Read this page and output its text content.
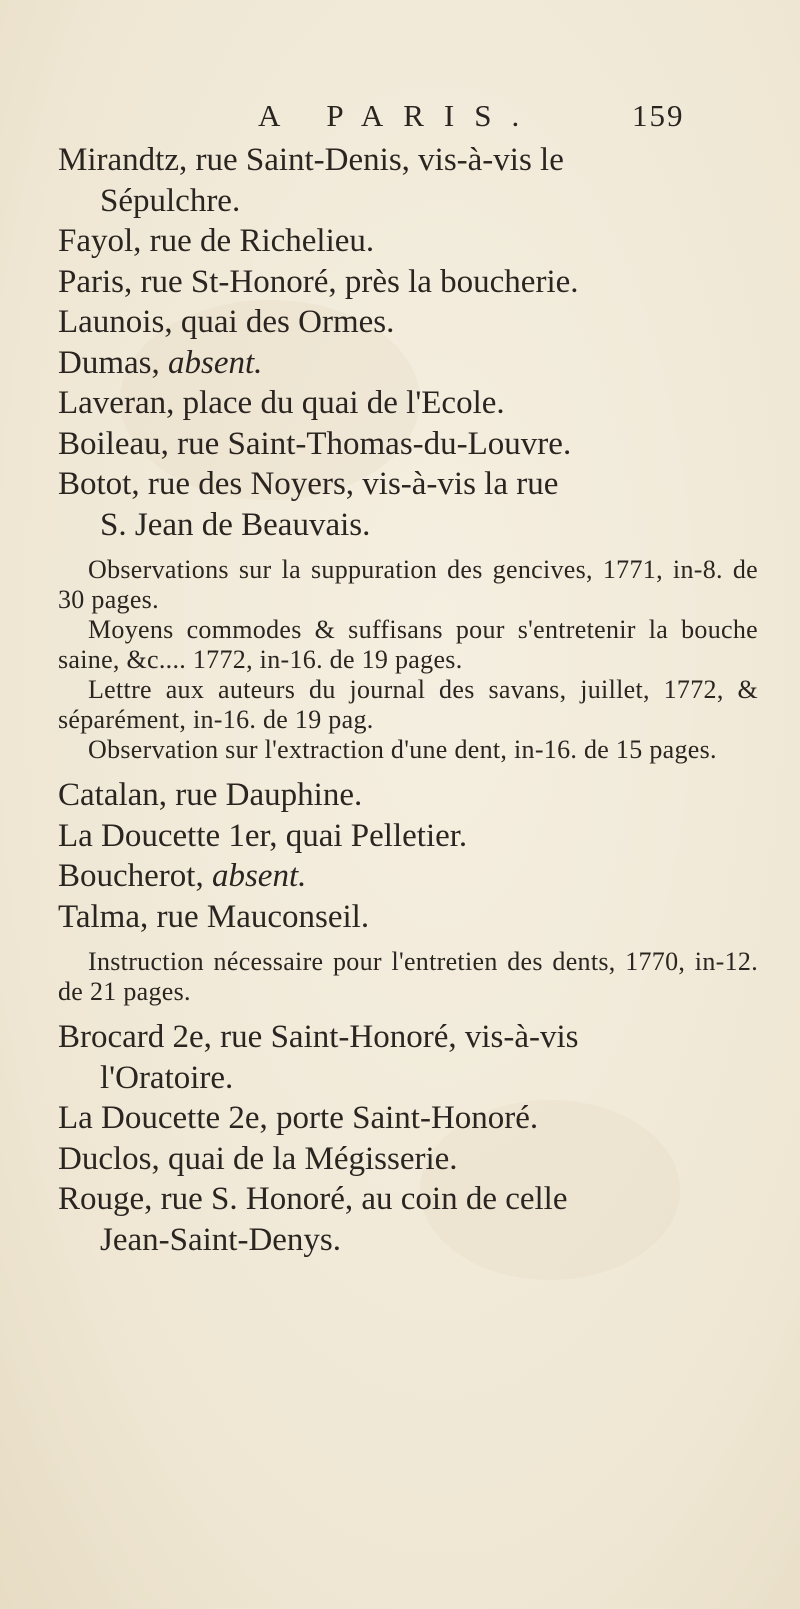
A PARIS.	159

Mirandtz, rue Saint-Denis, vis-à-vis le
Sépulchre.

Fayol, rue de Richelieu.

Paris, rue St-Honoré, près la boucherie.

Launois, quai des Ormes.

Dumas, absent.

Laveran, place du quai de l'Ecole.

Boileau, rue Saint-Thomas-du-Louvre.

Botot, rue des Noyers, vis-à-vis la rue
S. Jean de Beauvais.

Observations sur la suppuration des gencives, 1771, in-8. de 30 pages.

Moyens commodes & suffisans pour s'entretenir la bouche saine, &c.... 1772, in-16. de 19 pages.

Lettre aux auteurs du journal des savans, juillet, 1772, & séparément, in-16. de 19 pag.

Observation sur l'extraction d'une dent, in-16. de 15 pages.

Catalan, rue Dauphine.

La Doucette 1er, quai Pelletier.

Boucherot, absent.

Talma, rue Mauconseil.

Instruction nécessaire pour l'entretien des dents, 1770, in-12. de 21 pages.

Brocard 2e, rue Saint-Honoré, vis-à-vis
l'Oratoire.

La Doucette 2e, porte Saint-Honoré.

Duclos, quai de la Mégisserie.

Rouge, rue S. Honoré, au coin de celle
Jean-Saint-Denys.
